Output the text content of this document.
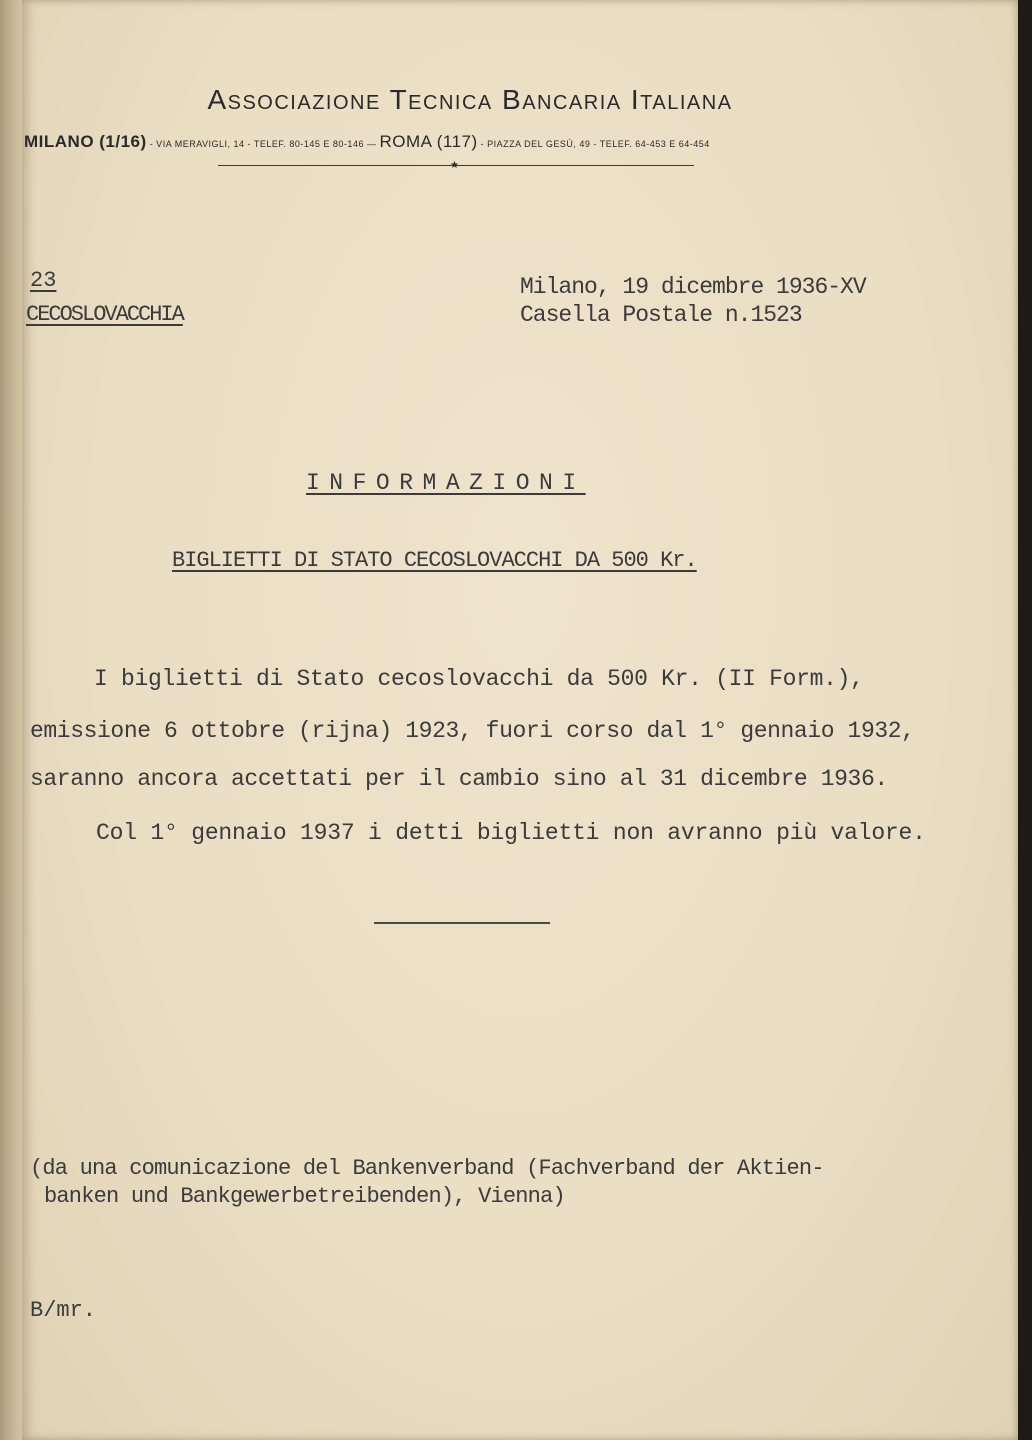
Associazione Tecnica Bancaria Italiana
MILANO (1/16) - VIA MERAVIGLI, 14 - TELEF. 80-145 E 80-146 — ROMA (117) - PIAZZA DEL GESÙ, 49 - TELEF. 64-453 E 64-454
★
23
CECOSLOVACCHIA
Milano, 19 dicembre 1936-XV
Casella Postale n.1523
INFORMAZIONI
BIGLIETTI DI STATO CECOSLOVACCHI DA 500 Kr.
I biglietti di Stato cecoslovacchi da 500 Kr. (II Form.),
emissione 6 ottobre (rijna) 1923, fuori corso dal 1° gennaio 1932,
saranno ancora accettati per il cambio sino al 31 dicembre 1936.
Col 1° gennaio 1937 i detti biglietti non avranno più valore.
(da una comunicazione del Bankenverband (Fachverband der Aktien-
banken und Bankgewerbetreibenden), Vienna)
B/mr.
